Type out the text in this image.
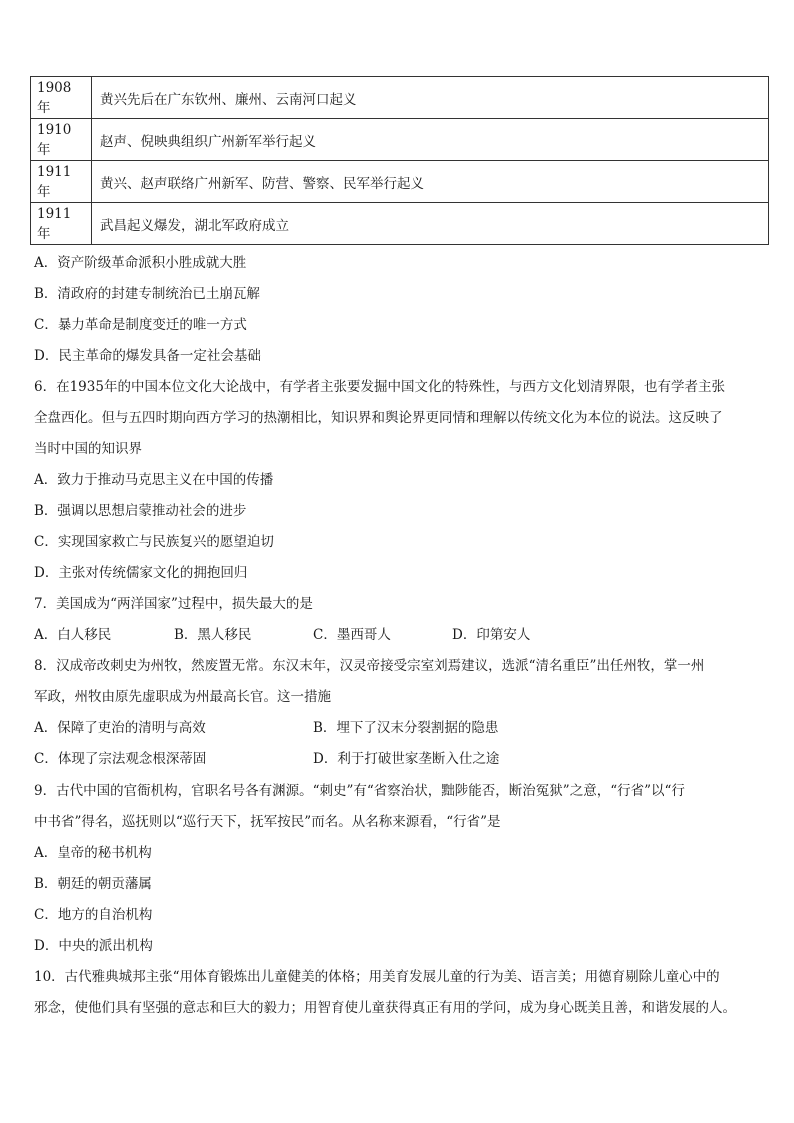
1908年	黄兴先后在广东钦州、廉州、云南河口起义
1910年	赵声、倪映典组织广州新军举行起义
1911年	黄兴、赵声联络广州新军、防营、警察、民军举行起义
1911年	武昌起义爆发，湖北军政府成立
A．资产阶级革命派积小胜成就大胜
B．清政府的封建专制统治已土崩瓦解
C．暴力革命是制度变迁的唯一方式
D．民主革命的爆发具备一定社会基础
6．在1935年的中国本位文化大论战中，有学者主张要发掘中国文化的特殊性，与西方文化划清界限，也有学者主张
全盘西化。但与五四时期向西方学习的热潮相比，知识界和舆论界更同情和理解以传统文化为本位的说法。这反映了
当时中国的知识界
A．致力于推动马克思主义在中国的传播
B．强调以思想启蒙推动社会的进步
C．实现国家救亡与民族复兴的愿望迫切
D．主张对传统儒家文化的拥抱回归
7．美国成为“两洋国家”过程中，损失最大的是
A．白人移民	B．黑人移民	C．墨西哥人	D．印第安人
8．汉成帝改刺史为州牧，然废置无常。东汉末年，汉灵帝接受宗室刘焉建议，选派“清名重臣”出任州牧，掌一州
军政，州牧由原先虚职成为州最高长官。这一措施
A．保障了吏治的清明与高效	B．埋下了汉末分裂割据的隐患
C．体现了宗法观念根深蒂固	D．利于打破世家垄断入仕之途
9．古代中国的官衙机构，官职名号各有渊源。“刺史”有“省察治状，黜陟能否，断治冤狱”之意，“行省”以“行
中书省”得名，巡抚则以“巡行天下，抚军按民”而名。从名称来源看，“行省”是
A．皇帝的秘书机构
B．朝廷的朝贡藩属
C．地方的自治机构
D．中央的派出机构
10．古代雅典城邦主张“用体育锻炼出儿童健美的体格；用美育发展儿童的行为美、语言美；用德育剔除儿童心中的
邪念，使他们具有坚强的意志和巨大的毅力；用智育使儿童获得真正有用的学问，成为身心既美且善，和谐发展的人。
